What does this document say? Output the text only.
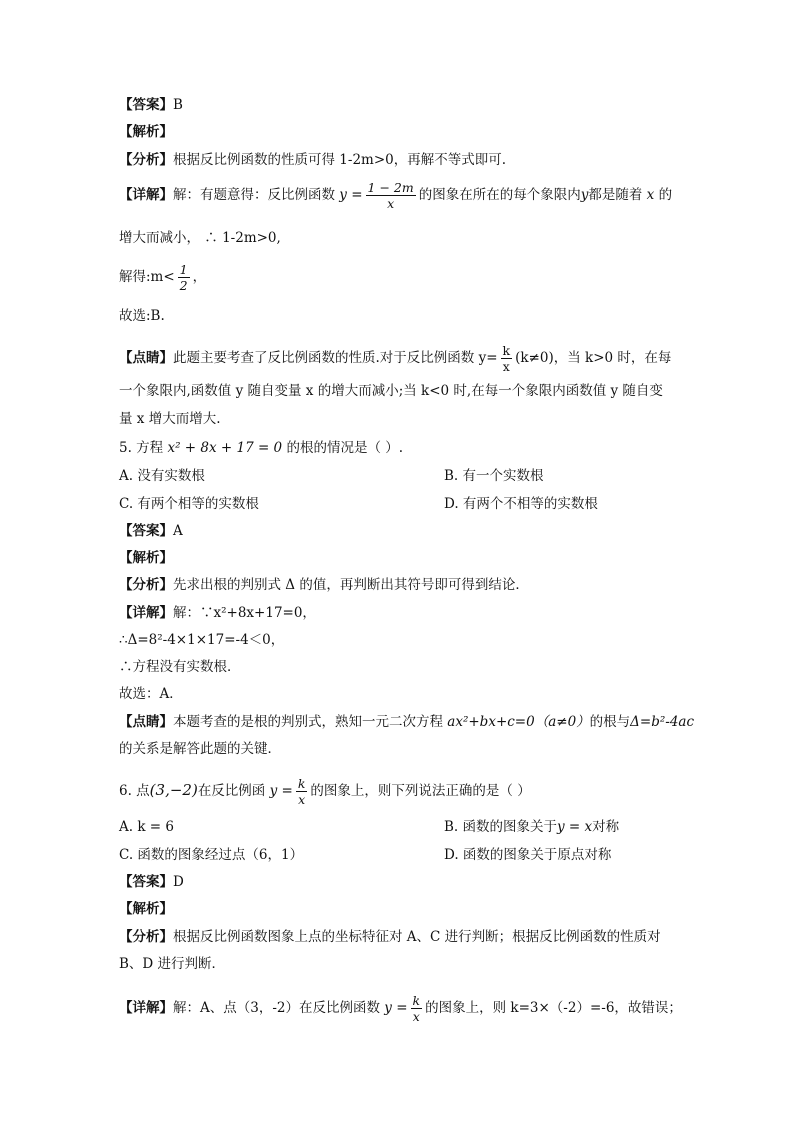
【答案】B
【解析】
【分析】根据反比例函数的性质可得 1-2m>0，再解不等式即可.
【详解】解：有题意得：反比例函数 $y = \frac{1 - 2m}{x}$ 的图象在所在的每个象限内y都是随着 x 的
增大而减小， ∴ 1-2m>0,
解得:m< $\frac{1}{2}$ ，
故选:B.
【点睛】此题主要考查了反比例函数的性质.对于反比例函数 $y= \frac{k}{x} (k\ne 0)$，当 k>0 时，在每
一个象限内,函数值 y 随自变量 x 的增大而减小;当 k<0 时,在每一个象限内函数值 y 随自变
量 x 增大而增大.
5. 方程 x² + 8x + 17 = 0 的根的情况是（ ）.
A. 没有实数根	B. 有一个实数根
C. 有两个相等的实数根	D. 有两个不相等的实数根
【答案】A
【解析】
【分析】先求出根的判别式 Δ 的值，再判断出其符号即可得到结论．
【详解】解：∵x²+8x+17=0，
∴Δ=8²-4×1×17=-4＜0，
∴方程没有实数根．
故选：A．
【点睛】本题考查的是根的判别式，熟知一元二次方程 ax²+bx+c=0（a≠0）的根与Δ=b²-4ac
的关系是解答此题的关键．
6. 点(3,−2)在反比例函 $y = \frac{k}{x}$ 的图象上，则下列说法正确的是（ ）
A. k = 6	B. 函数的图象关于y = x对称
C. 函数的图象经过点（6，1）	D. 函数的图象关于原点对称
【答案】D
【解析】
【分析】根据反比例函数图象上点的坐标特征对 A、C 进行判断；根据反比例函数的性质对
B、D 进行判断．
【详解】解：A、点（3，-2）在反比例函数 $y = \frac{k}{x}$ 的图象上，则 k=3×（-2）=-6，故错误；
